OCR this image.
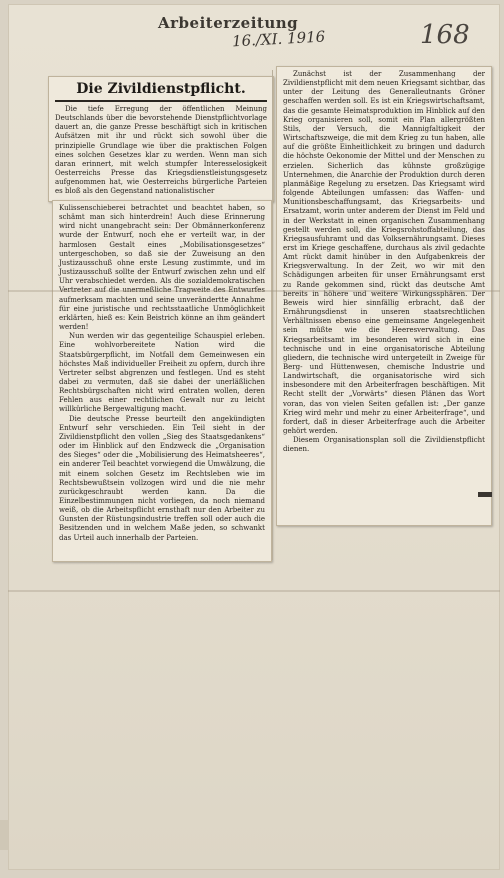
Arbeiterzeitung
16./XI. 1916	168
Die Zivildienstpflicht.

Die tiefe Erregung der öffentlichen Meinung Deutschlands über die bevorstehende Dienstpflichtvorlage dauert an, die ganze Presse beschäftigt sich in kritischen Aufsätzen mit ihr und rückt sich sowohl über die prinzipielle Grundlage wie über die praktischen Folgen eines solchen Gesetzes klar zu werden. Wenn man sich daran erinnert, mit welch stumpfer Interesselosigkeit Oesterreichs Presse das Kriegsdienstleistungsgesetz aufgenommen hat, wie Oesterreichs bürgerliche Parteien es bloß als den Gegenstand nationalistischer

Kulissenschieberei betrachtet und beachtet haben, so schämt man sich hinterdrein! Auch diese Erinnerung wird nicht unangebracht sein: Der Obmännerkonferenz wurde der Entwurf, noch ehe er verteilt war, in der harmlosen Gestalt eines „Mobilisationsgesetzes“ untergeschoben, so daß sie der Zuweisung an den Justizausschuß ohne erste Lesung zustimmte, und im Justizausschuß sollte der Entwurf zwischen zehn und elf Uhr verabschiedet werden. Als die sozialdemokratischen Vertreter auf die unermeßliche Tragweite des Entwurfes aufmerksam machten und seine unverändertte Annahme für eine juristische und rechtsstaatliche Unmöglichkeit erklärten, hieß es: Kein Beistrich könne an ihm geändert werden!

Nun werden wir das gegenteilige Schauspiel erleben. Eine wohlvorbereitete Nation wird die Staatsbürgerpflicht, im Notfall dem Gemeinwesen ein höchstes Maß individueller Freiheit zu opfern, durch ihre Vertreter selbst abgrenzen und festlegen. Und es steht dabei zu vermuten, daß sie dabei der unerläßlichen Rechtsbürgschaften nicht wird entraten wollen, deren Fehlen aus einer rechtlichen Gewalt nur zu leicht willkürliche Bergewaltigung macht.

Die deutsche Presse beurteilt den angekündigten Entwurf sehr verschieden. Ein Teil sieht in der Zivildienstpflicht den vollen „Sieg des Staatsgedankens“ oder im Hinblick auf den Endzweck die „Organisation des Sieges“ oder die „Mobilisierung des Heimatsheeres“, ein anderer Teil beachtet vorwiegend die Umwälzung, die mit einem solchen Gesetz im Rechtsleben wie im Rechtsbewußtsein vollzogen wird und die nie mehr zurückgeschraubt werden kann. Da die Einzelbestimmungen nicht vorliegen, da noch niemand weiß, ob die Arbeitspflicht ernsthaft nur den Arbeiter zu Gunsten der Rüstungsindustrie treffen soll oder auch die Besitzenden und in welchem Maße jeden, so schwankt das Urteil auch innerhalb der Parteien.

Zunächst ist der Zusammenhang der Zivildienstpflicht mit dem neuen Kriegsamt sichtbar, das unter der Leitung des Generalleutnants Gröner geschaffen werden soll. Es ist ein Kriegswirtschaftsamt, das die gesamte Heimatsproduktion im Hinblick auf den Krieg organisieren soll, somit ein Plan allergrößten Stils, der Versuch, die Mannigfaltigkeit der Wirtschaftszweige, die mit dem Krieg zu tun haben, alle auf die größte Einheitlichkeit zu bringen und dadurch die höchste Oekonomie der Mittel und der Menschen zu erzielen. Sicherlich das kühnste großzügige Unternehmen, die Anarchie der Produktion durch deren planmäßige Regelung zu ersetzen. Das Kriegsamt wird folgende Abteilungen umfassen: das Waffen- und Munitionsbeschaffungsamt, das Kriegsarbeits- und Ersatzamt, worin unter anderem der Dienst im Feld und in der Werkstatt in einen organischen Zusammenhang gestellt werden soll, die Kriegsrohstoffabteilung, das Kriegsausfuhramt und das Volksernährungsamt. Dieses erst im Kriege geschaffene, durchaus als zivil gedachte Amt rückt damit hinüber in den Aufgabenkreis der Kriegsverwaltung. In der Zeit, wo wir mit den Schädigungen arbeiten für unser Ernährungsamt erst zu Rande gekommen sind, rückt das deutsche Amt bereits in höhere und weitere Wirkungssphären. Der Beweis wird hier sinnfällig erbracht, daß der Ernährungsdienst in unseren staatsrechtlichen Verhältnissen ebenso eine gemeinsame Angelegenheit sein müßte wie die Heeresverwaltung. Das Kriegsarbeitsamt im besonderen wird sich in eine technische und in eine organisatorische Abteilung gliedern, die technische wird untergeteilt in Zweige für Berg- und Hüttenwesen, chemische Industrie und Landwirtschaft, die organisatorische wird sich insbesondere mit den Arbeiterfragen beschäftigen. Mit Recht stellt der „Vorwärts“ diesen Plänen das Wort voran, das von vielen Seiten gefallen ist: „Der ganze Krieg wird mehr und mehr zu einer Arbeiterfrage“, und fordert, daß in dieser Arbeiterfrage auch die Arbeiter gehört werden.

Diesem Organisationsplan soll die Zivildienstpflicht dienen.
